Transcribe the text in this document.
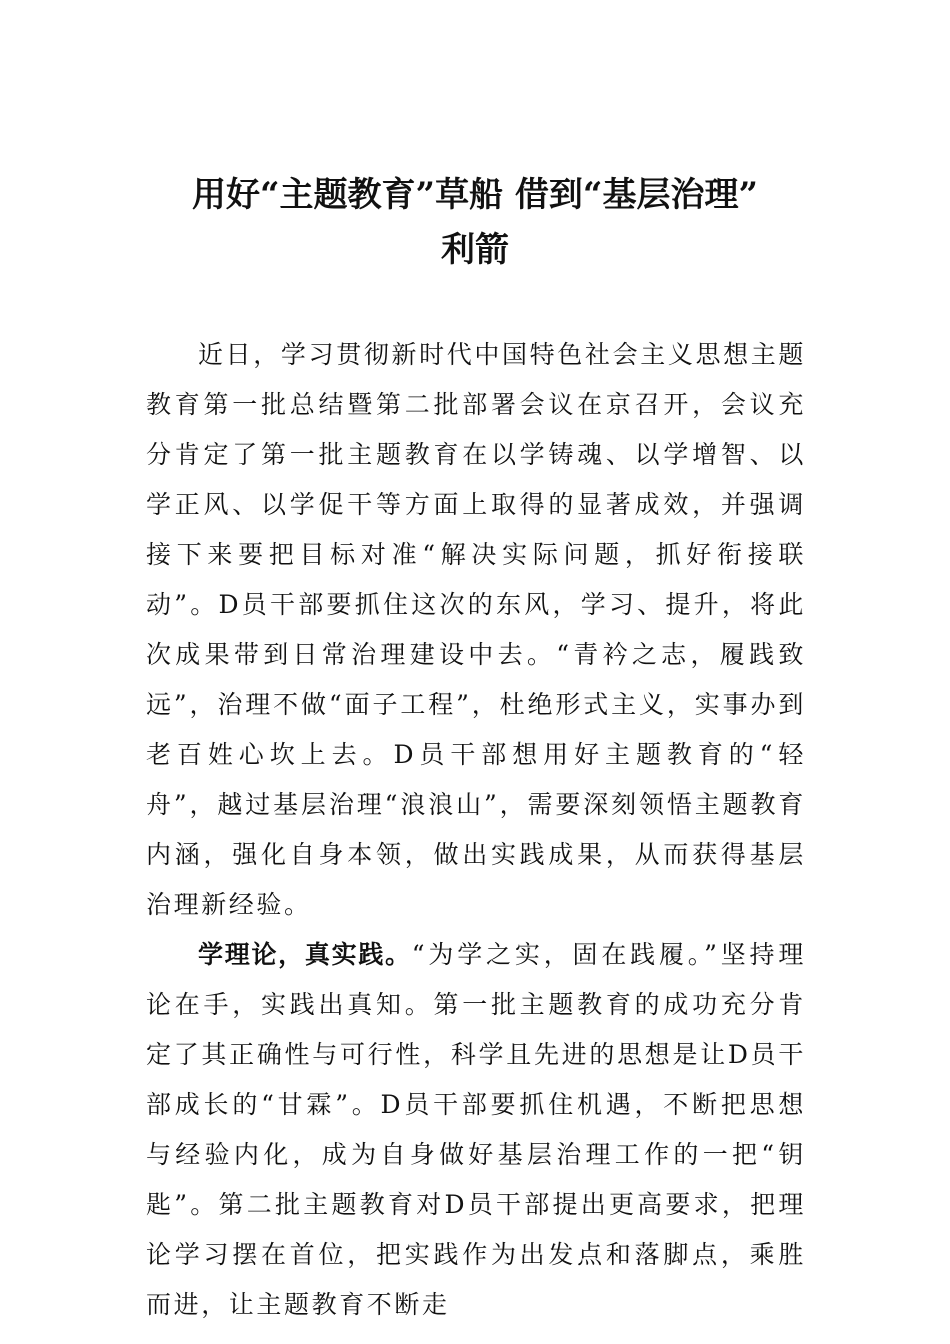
用好“主题教育”草船 借到“基层治理”
利箭

近日，学习贯彻新时代中国特色社会主义思想主题教育第一批总结暨第二批部署会议在京召开，会议充分肯定了第一批主题教育在以学铸魂、以学增智、以学正风、以学促干等方面上取得的显著成效，并强调接下来要把目标对准“解决实际问题，抓好衔接联动”。D员干部要抓住这次的东风，学习、提升，将此次成果带到日常治理建设中去。“青衿之志，履践致远”，治理不做“面子工程”，杜绝形式主义，实事办到老百姓心坎上去。D员干部想用好主题教育的“轻舟”，越过基层治理“浪浪山”，需要深刻领悟主题教育内涵，强化自身本领，做出实践成果，从而获得基层治理新经验。

学理论，真实践。“为学之实，固在践履。”坚持理论在手，实践出真知。第一批主题教育的成功充分肯定了其正确性与可行性，科学且先进的思想是让D员干部成长的“甘霖”。D员干部要抓住机遇，不断把思想与经验内化，成为自身做好基层治理工作的一把“钥匙”。第二批主题教育对D员干部提出更高要求，把理论学习摆在首位，把实践作为出发点和落脚点，乘胜而进，让主题教育不断走
